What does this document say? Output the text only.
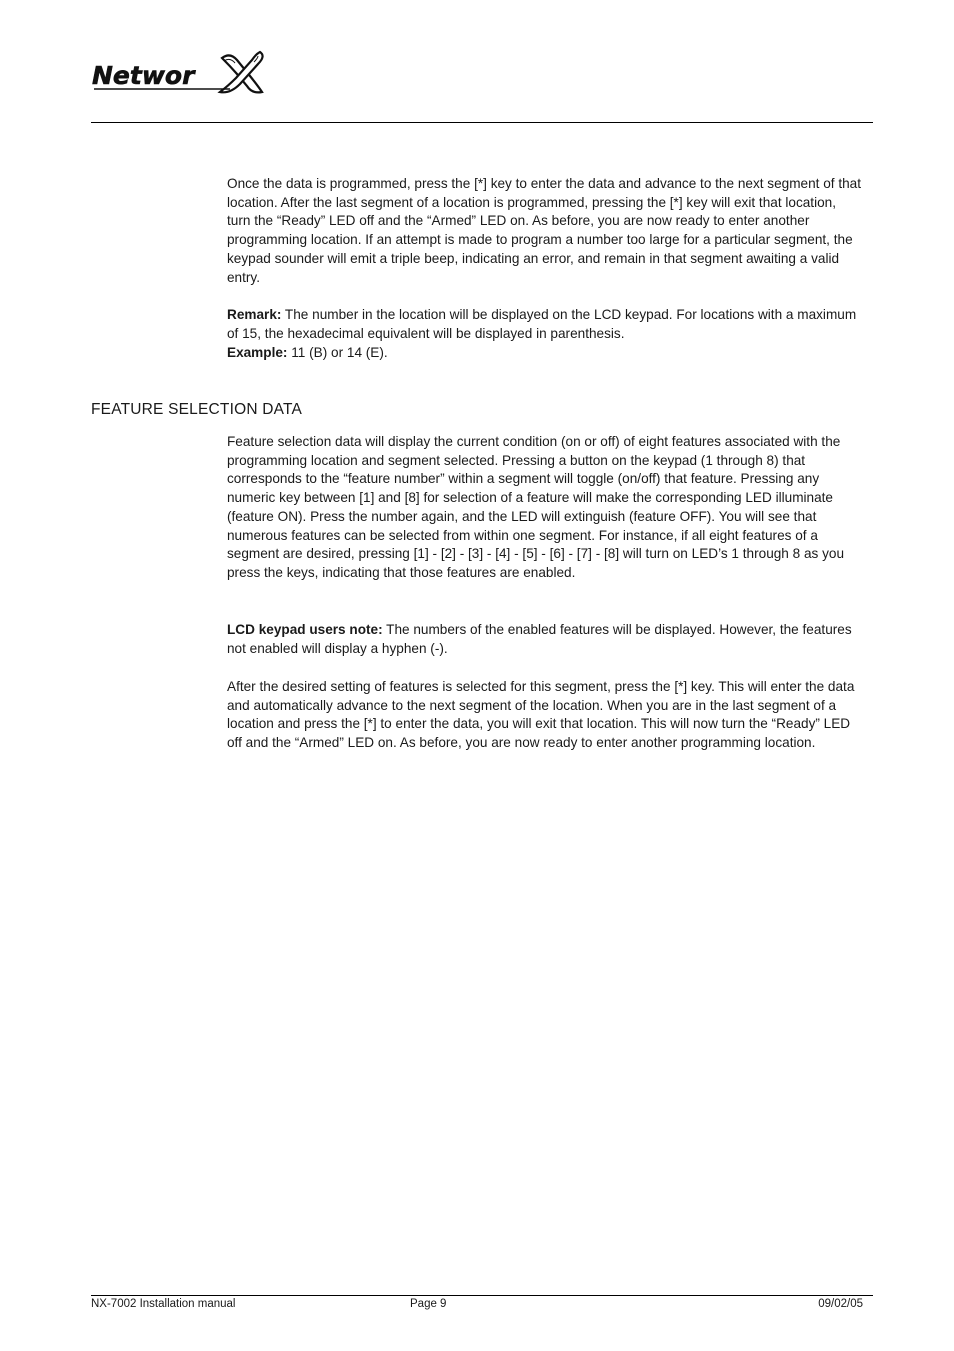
Networ
X

Once the data is programmed, press the [*] key to enter the data and advance to the next segment of that location. After the last segment of a location is programmed, pressing the [*] key will exit that location, turn the “Ready” LED off and the “Armed” LED on. As before, you are now ready to enter another programming location. If an attempt is made to program a number too large for a particular segment, the keypad sounder will emit a triple beep, indicating an error, and remain in that segment awaiting a valid entry.

Remark: The number in the location will be displayed on the LCD keypad. For locations with a maximum of 15, the hexadecimal equivalent will be displayed in parenthesis.

Example: 11 (B) or 14 (E).

FEATURE SELECTION DATA

Feature selection data will display the current condition (on or off) of eight features associated with the programming location and segment selected. Pressing a button on the keypad (1 through 8) that corresponds to the “feature number” within a segment will toggle (on/off) that feature. Pressing any numeric key between [1] and [8] for selection of a feature will make the corresponding LED illuminate (feature ON). Press the number again, and the LED will extinguish (feature OFF). You will see that numerous features can be selected from within one segment. For instance, if all eight features of a segment are desired, pressing [1] - [2] - [3] - [4] - [5] - [6] - [7] - [8] will turn on LED’s 1 through 8 as you press the keys, indicating that those features are enabled.

LCD keypad users note: The numbers of the enabled features will be displayed. However, the features not enabled will display a hyphen (-).

After the desired setting of features is selected for this segment, press the [*] key. This will enter the data and automatically advance to the next segment of the location. When you are in the last segment of a location and press the [*] to enter the data, you will exit that location. This will now turn the “Ready” LED off and the “Armed” LED on. As before, you are now ready to enter another programming location.

NX-7002 Installation manual	Page 9	09/02/05
